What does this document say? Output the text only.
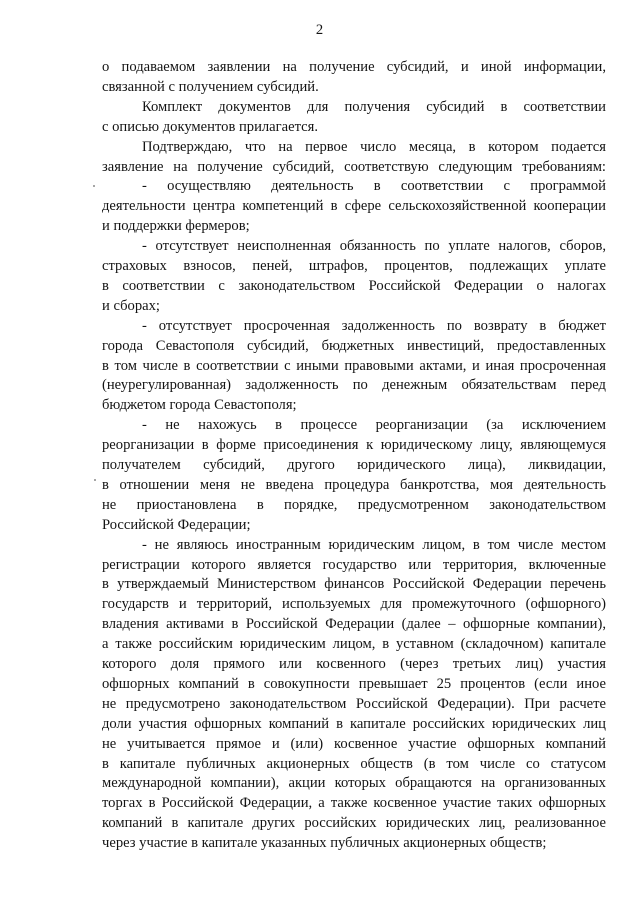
2
о подаваемом заявлении на получение субсидий, и иной информации,
связанной с получением субсидий.
Комплект документов для получения субсидий в соответствии
с описью документов прилагается.
Подтверждаю, что на первое число месяца, в котором подается
заявление на получение субсидий, соответствую следующим требованиям:
- осуществляю деятельность в соответствии с программой
деятельности центра компетенций в сфере сельскохозяйственной кооперации
и поддержки фермеров;
- отсутствует неисполненная обязанность по уплате налогов, сборов,
страховых взносов, пеней, штрафов, процентов, подлежащих уплате
в соответствии с законодательством Российской Федерации о налогах
и сборах;
- отсутствует просроченная задолженность по возврату в бюджет
города Севастополя субсидий, бюджетных инвестиций, предоставленных
в том числе в соответствии с иными правовыми актами, и иная просроченная
(неурегулированная) задолженность по денежным обязательствам перед
бюджетом города Севастополя;
- не нахожусь в процессе реорганизации (за исключением
реорганизации в форме присоединения к юридическому лицу, являющемуся
получателем субсидий, другого юридического лица), ликвидации,
в отношении меня не введена процедура банкротства, моя деятельность
не приостановлена в порядке, предусмотренном законодательством
Российской Федерации;
- не являюсь иностранным юридическим лицом, в том числе местом
регистрации которого является государство или территория, включенные
в утверждаемый Министерством финансов Российской Федерации перечень
государств и территорий, используемых для промежуточного (офшорного)
владения активами в Российской Федерации (далее – офшорные компании),
а также российским юридическим лицом, в уставном (складочном) капитале
которого доля прямого или косвенного (через третьих лиц) участия
офшорных компаний в совокупности превышает 25 процентов (если иное
не предусмотрено законодательством Российской Федерации). При расчете
доли участия офшорных компаний в капитале российских юридических лиц
не учитывается прямое и (или) косвенное участие офшорных компаний
в капитале публичных акционерных обществ (в том числе со статусом
международной компании), акции которых обращаются на организованных
торгах в Российской Федерации, а также косвенное участие таких офшорных
компаний в капитале других российских юридических лиц, реализованное
через участие в капитале указанных публичных акционерных обществ;
